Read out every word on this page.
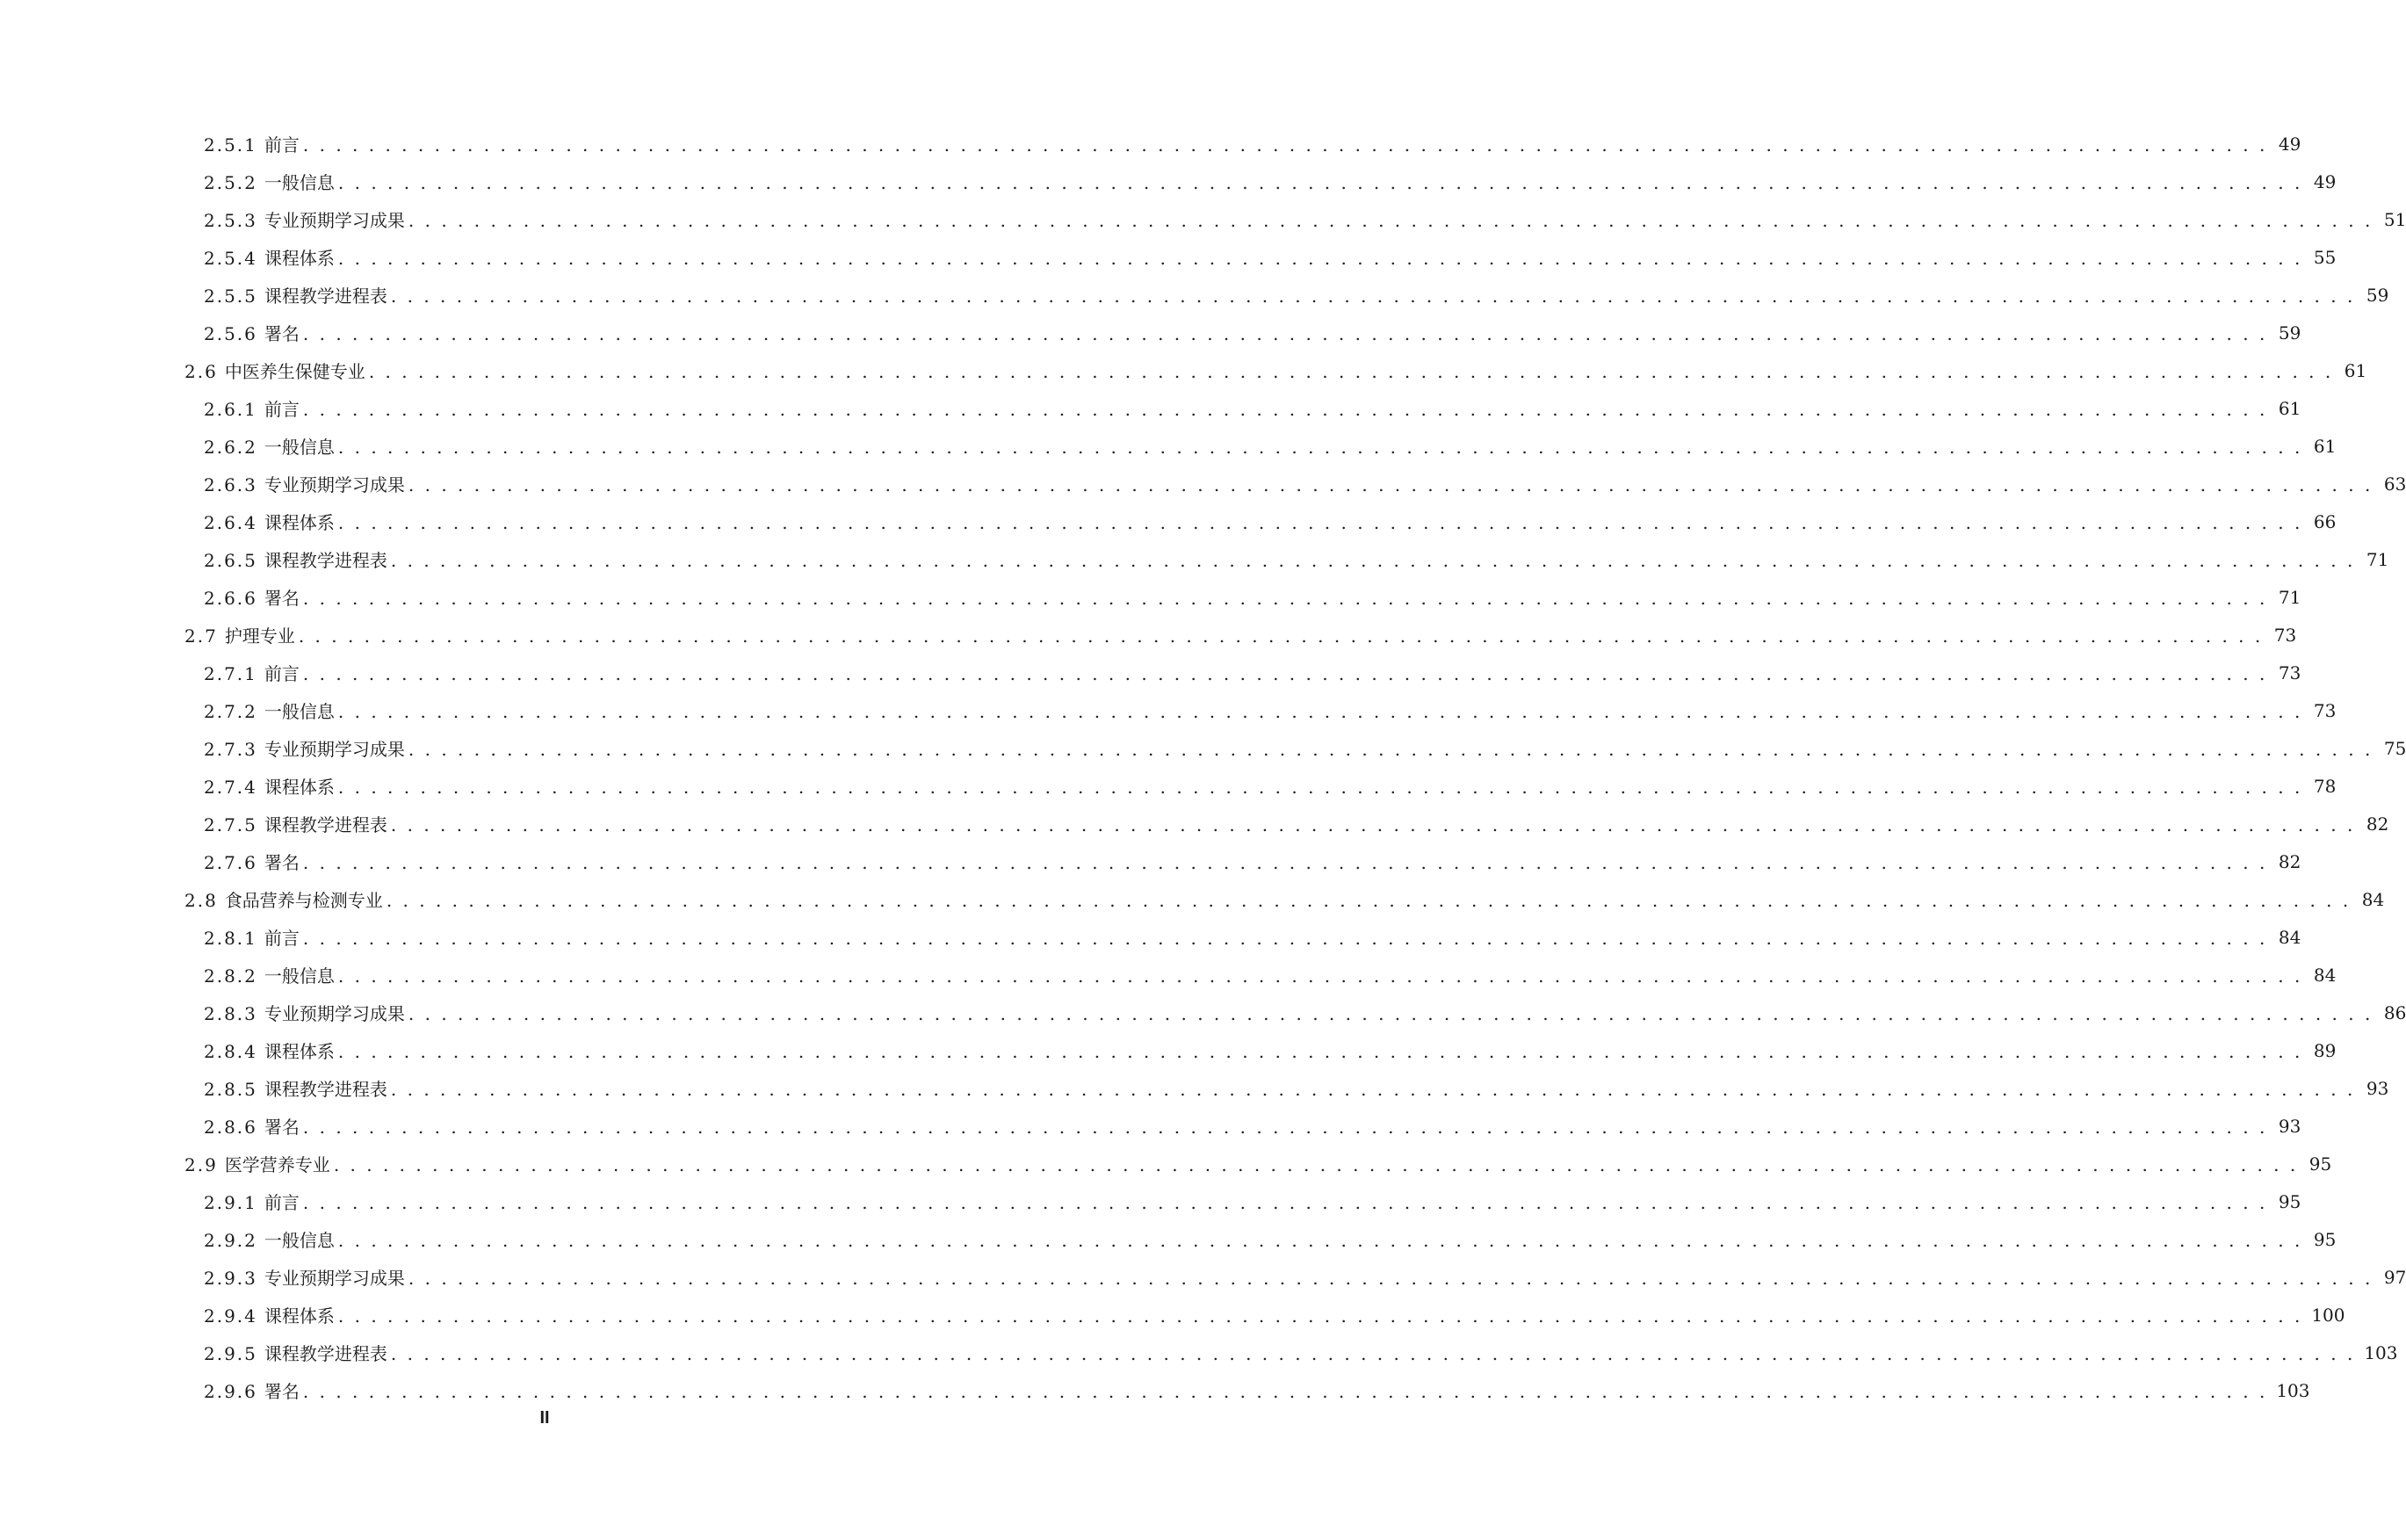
2.5.1 前言 . . . . . . . . . . . . . . . . . . . . . . . . . . . . . . . . . . . . . . . . . . . . . . . . . . . . . . . . . . . . . . . . . . . . . . . . . . . . . . . . . . . . . . . . . . . . . . . . . . . . . . . . . . . . . . . . . . . . . . . . 49
2.5.2 一般信息 . . . . . . . . . . . . . . . . . . . . . . . . . . . . . . . . . . . . . . . . . . . . . . . . . . . . . . . . . . . . . . . . . . . . . . . . . . . . . . . . . . . . . . . . . . . . . . . . . . . . . . . . . . . . . . . . . . . . . . . . 49
2.5.3 专业预期学习成果 . . . . . . . . . . . . . . . . . . . . . . . . . . . . . . . . . . . . . . . . . . . . . . . . . . . . . . . . . . . . . . . . . . . . . . . . . . . . . . . . . . . . . . . . . . . . . . . . . . . . . . . . . . . . . . . . . . . . . . . . 51
2.5.4 课程体系 . . . . . . . . . . . . . . . . . . . . . . . . . . . . . . . . . . . . . . . . . . . . . . . . . . . . . . . . . . . . . . . . . . . . . . . . . . . . . . . . . . . . . . . . . . . . . . . . . . . . . . . . . . . . . . . . . . . . . . . . 55
2.5.5 课程教学进程表 . . . . . . . . . . . . . . . . . . . . . . . . . . . . . . . . . . . . . . . . . . . . . . . . . . . . . . . . . . . . . . . . . . . . . . . . . . . . . . . . . . . . . . . . . . . . . . . . . . . . . . . . . . . . . . . . . . . . . . . . 59
2.5.6 署名 . . . . . . . . . . . . . . . . . . . . . . . . . . . . . . . . . . . . . . . . . . . . . . . . . . . . . . . . . . . . . . . . . . . . . . . . . . . . . . . . . . . . . . . . . . . . . . . . . . . . . . . . . . . . . . . . . . . . . . . . 59
2.6 中医养生保健专业 . . . . . . . . . . . . . . . . . . . . . . . . . . . . . . . . . . . . . . . . . . . . . . . . . . . . . . . . . . . . . . . . . . . . . . . . . . . . . . . . . . . . . . . . . . . . . . . . . . . . . . . . . . . . . . . . . . . . . . . . 61
2.6.1 前言 . . . . . . . . . . . . . . . . . . . . . . . . . . . . . . . . . . . . . . . . . . . . . . . . . . . . . . . . . . . . . . . . . . . . . . . . . . . . . . . . . . . . . . . . . . . . . . . . . . . . . . . . . . . . . . . . . . . . . . . . 61
2.6.2 一般信息 . . . . . . . . . . . . . . . . . . . . . . . . . . . . . . . . . . . . . . . . . . . . . . . . . . . . . . . . . . . . . . . . . . . . . . . . . . . . . . . . . . . . . . . . . . . . . . . . . . . . . . . . . . . . . . . . . . . . . . . . 61
2.6.3 专业预期学习成果 . . . . . . . . . . . . . . . . . . . . . . . . . . . . . . . . . . . . . . . . . . . . . . . . . . . . . . . . . . . . . . . . . . . . . . . . . . . . . . . . . . . . . . . . . . . . . . . . . . . . . . . . . . . . . . . . . . . . . . . . 63
2.6.4 课程体系 . . . . . . . . . . . . . . . . . . . . . . . . . . . . . . . . . . . . . . . . . . . . . . . . . . . . . . . . . . . . . . . . . . . . . . . . . . . . . . . . . . . . . . . . . . . . . . . . . . . . . . . . . . . . . . . . . . . . . . . . 66
2.6.5 课程教学进程表 . . . . . . . . . . . . . . . . . . . . . . . . . . . . . . . . . . . . . . . . . . . . . . . . . . . . . . . . . . . . . . . . . . . . . . . . . . . . . . . . . . . . . . . . . . . . . . . . . . . . . . . . . . . . . . . . . . . . . . . . 71
2.6.6 署名 . . . . . . . . . . . . . . . . . . . . . . . . . . . . . . . . . . . . . . . . . . . . . . . . . . . . . . . . . . . . . . . . . . . . . . . . . . . . . . . . . . . . . . . . . . . . . . . . . . . . . . . . . . . . . . . . . . . . . . . . 71
2.7 护理专业 . . . . . . . . . . . . . . . . . . . . . . . . . . . . . . . . . . . . . . . . . . . . . . . . . . . . . . . . . . . . . . . . . . . . . . . . . . . . . . . . . . . . . . . . . . . . . . . . . . . . . . . . . . . . . . . . . . . . . . . . 73
2.7.1 前言 . . . . . . . . . . . . . . . . . . . . . . . . . . . . . . . . . . . . . . . . . . . . . . . . . . . . . . . . . . . . . . . . . . . . . . . . . . . . . . . . . . . . . . . . . . . . . . . . . . . . . . . . . . . . . . . . . . . . . . . . 73
2.7.2 一般信息 . . . . . . . . . . . . . . . . . . . . . . . . . . . . . . . . . . . . . . . . . . . . . . . . . . . . . . . . . . . . . . . . . . . . . . . . . . . . . . . . . . . . . . . . . . . . . . . . . . . . . . . . . . . . . . . . . . . . . . . . 73
2.7.3 专业预期学习成果 . . . . . . . . . . . . . . . . . . . . . . . . . . . . . . . . . . . . . . . . . . . . . . . . . . . . . . . . . . . . . . . . . . . . . . . . . . . . . . . . . . . . . . . . . . . . . . . . . . . . . . . . . . . . . . . . . . . . . . . . 75
2.7.4 课程体系 . . . . . . . . . . . . . . . . . . . . . . . . . . . . . . . . . . . . . . . . . . . . . . . . . . . . . . . . . . . . . . . . . . . . . . . . . . . . . . . . . . . . . . . . . . . . . . . . . . . . . . . . . . . . . . . . . . . . . . . . 78
2.7.5 课程教学进程表 . . . . . . . . . . . . . . . . . . . . . . . . . . . . . . . . . . . . . . . . . . . . . . . . . . . . . . . . . . . . . . . . . . . . . . . . . . . . . . . . . . . . . . . . . . . . . . . . . . . . . . . . . . . . . . . . . . . . . . . . 82
2.7.6 署名 . . . . . . . . . . . . . . . . . . . . . . . . . . . . . . . . . . . . . . . . . . . . . . . . . . . . . . . . . . . . . . . . . . . . . . . . . . . . . . . . . . . . . . . . . . . . . . . . . . . . . . . . . . . . . . . . . . . . . . . . 82
2.8 食品营养与检测专业 . . . . . . . . . . . . . . . . . . . . . . . . . . . . . . . . . . . . . . . . . . . . . . . . . . . . . . . . . . . . . . . . . . . . . . . . . . . . . . . . . . . . . . . . . . . . . . . . . . . . . . . . . . . . . . . . . . . . . . . . 84
2.8.1 前言 . . . . . . . . . . . . . . . . . . . . . . . . . . . . . . . . . . . . . . . . . . . . . . . . . . . . . . . . . . . . . . . . . . . . . . . . . . . . . . . . . . . . . . . . . . . . . . . . . . . . . . . . . . . . . . . . . . . . . . . . 84
2.8.2 一般信息 . . . . . . . . . . . . . . . . . . . . . . . . . . . . . . . . . . . . . . . . . . . . . . . . . . . . . . . . . . . . . . . . . . . . . . . . . . . . . . . . . . . . . . . . . . . . . . . . . . . . . . . . . . . . . . . . . . . . . . . . 84
2.8.3 专业预期学习成果 . . . . . . . . . . . . . . . . . . . . . . . . . . . . . . . . . . . . . . . . . . . . . . . . . . . . . . . . . . . . . . . . . . . . . . . . . . . . . . . . . . . . . . . . . . . . . . . . . . . . . . . . . . . . . . . . . . . . . . . . 86
2.8.4 课程体系 . . . . . . . . . . . . . . . . . . . . . . . . . . . . . . . . . . . . . . . . . . . . . . . . . . . . . . . . . . . . . . . . . . . . . . . . . . . . . . . . . . . . . . . . . . . . . . . . . . . . . . . . . . . . . . . . . . . . . . . . 89
2.8.5 课程教学进程表 . . . . . . . . . . . . . . . . . . . . . . . . . . . . . . . . . . . . . . . . . . . . . . . . . . . . . . . . . . . . . . . . . . . . . . . . . . . . . . . . . . . . . . . . . . . . . . . . . . . . . . . . . . . . . . . . . . . . . . . . 93
2.8.6 署名 . . . . . . . . . . . . . . . . . . . . . . . . . . . . . . . . . . . . . . . . . . . . . . . . . . . . . . . . . . . . . . . . . . . . . . . . . . . . . . . . . . . . . . . . . . . . . . . . . . . . . . . . . . . . . . . . . . . . . . . . 93
2.9 医学营养专业 . . . . . . . . . . . . . . . . . . . . . . . . . . . . . . . . . . . . . . . . . . . . . . . . . . . . . . . . . . . . . . . . . . . . . . . . . . . . . . . . . . . . . . . . . . . . . . . . . . . . . . . . . . . . . . . . . . . . . . . . 95
2.9.1 前言 . . . . . . . . . . . . . . . . . . . . . . . . . . . . . . . . . . . . . . . . . . . . . . . . . . . . . . . . . . . . . . . . . . . . . . . . . . . . . . . . . . . . . . . . . . . . . . . . . . . . . . . . . . . . . . . . . . . . . . . . 95
2.9.2 一般信息 . . . . . . . . . . . . . . . . . . . . . . . . . . . . . . . . . . . . . . . . . . . . . . . . . . . . . . . . . . . . . . . . . . . . . . . . . . . . . . . . . . . . . . . . . . . . . . . . . . . . . . . . . . . . . . . . . . . . . . . . 95
2.9.3 专业预期学习成果 . . . . . . . . . . . . . . . . . . . . . . . . . . . . . . . . . . . . . . . . . . . . . . . . . . . . . . . . . . . . . . . . . . . . . . . . . . . . . . . . . . . . . . . . . . . . . . . . . . . . . . . . . . . . . . . . . . . . . . . . 97
2.9.4 课程体系 . . . . . . . . . . . . . . . . . . . . . . . . . . . . . . . . . . . . . . . . . . . . . . . . . . . . . . . . . . . . . . . . . . . . . . . . . . . . . . . . . . . . . . . . . . . . . . . . . . . . . . . . . . . . . . . . . . . . . . . . 100
2.9.5 课程教学进程表 . . . . . . . . . . . . . . . . . . . . . . . . . . . . . . . . . . . . . . . . . . . . . . . . . . . . . . . . . . . . . . . . . . . . . . . . . . . . . . . . . . . . . . . . . . . . . . . . . . . . . . . . . . . . . . . . . . . . . . . . 103
2.9.6 署名 . . . . . . . . . . . . . . . . . . . . . . . . . . . . . . . . . . . . . . . . . . . . . . . . . . . . . . . . . . . . . . . . . . . . . . . . . . . . . . . . . . . . . . . . . . . . . . . . . . . . . . . . . . . . . . . . . . . . . . . . 103
II
